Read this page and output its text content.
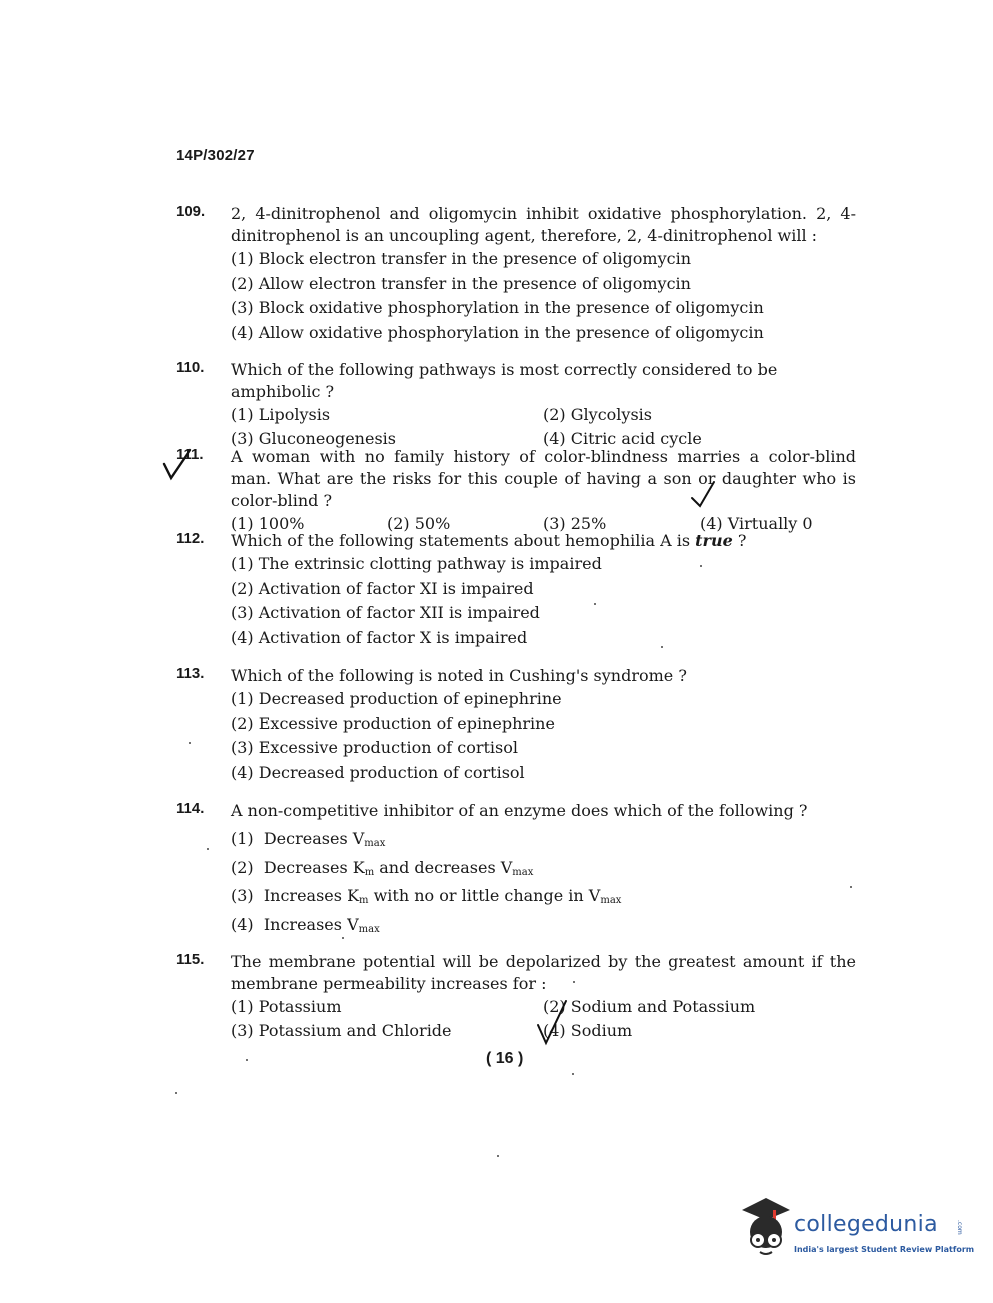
14P/302/27
109. 2, 4-dinitrophenol and oligomycin inhibit oxidative phosphorylation. 2, 4-dinitrophenol is an uncoupling agent, therefore, 2, 4-dinitrophenol will :
(1) Block electron transfer in the presence of oligomycin
(2) Allow electron transfer in the presence of oligomycin
(3) Block oxidative phosphorylation in the presence of oligomycin
(4) Allow oxidative phosphorylation in the presence of oligomycin
110. Which of the following pathways is most correctly considered to be amphibolic ?
(1) Lipolysis	(2) Glycolysis
(3) Gluconeogenesis	(4) Citric acid cycle
111. A woman with no family history of color-blindness marries a color-blind man. What are the risks for this couple of having a son or daughter who is color-blind ?
(1) 100%	(2) 50%	(3) 25%	(4) Virtually 0
112. Which of the following statements about hemophilia A is true ?
(1) The extrinsic clotting pathway is impaired
(2) Activation of factor XI is impaired
(3) Activation of factor XII is impaired
(4) Activation of factor X is impaired
113. Which of the following is noted in Cushing's syndrome ?
(1) Decreased production of epinephrine
(2) Excessive production of epinephrine
(3) Excessive production of cortisol
(4) Decreased production of cortisol
114. A non-competitive inhibitor of an enzyme does which of the following ?
(1) Decreases $V_{max}$
(2) Decreases $K_m$ and decreases $V_{max}$
(3) Increases $K_m$ with no or little change in $V_{max}$
(4) Increases $V_{max}$
115. The membrane potential will be depolarized by the greatest amount if the membrane permeability increases for :
(1) Potassium	(2) Sodium and Potassium
(3) Potassium and Chloride	(4) Sodium
( 16 )
collegedunia	.com
India's largest Student Review Platform
